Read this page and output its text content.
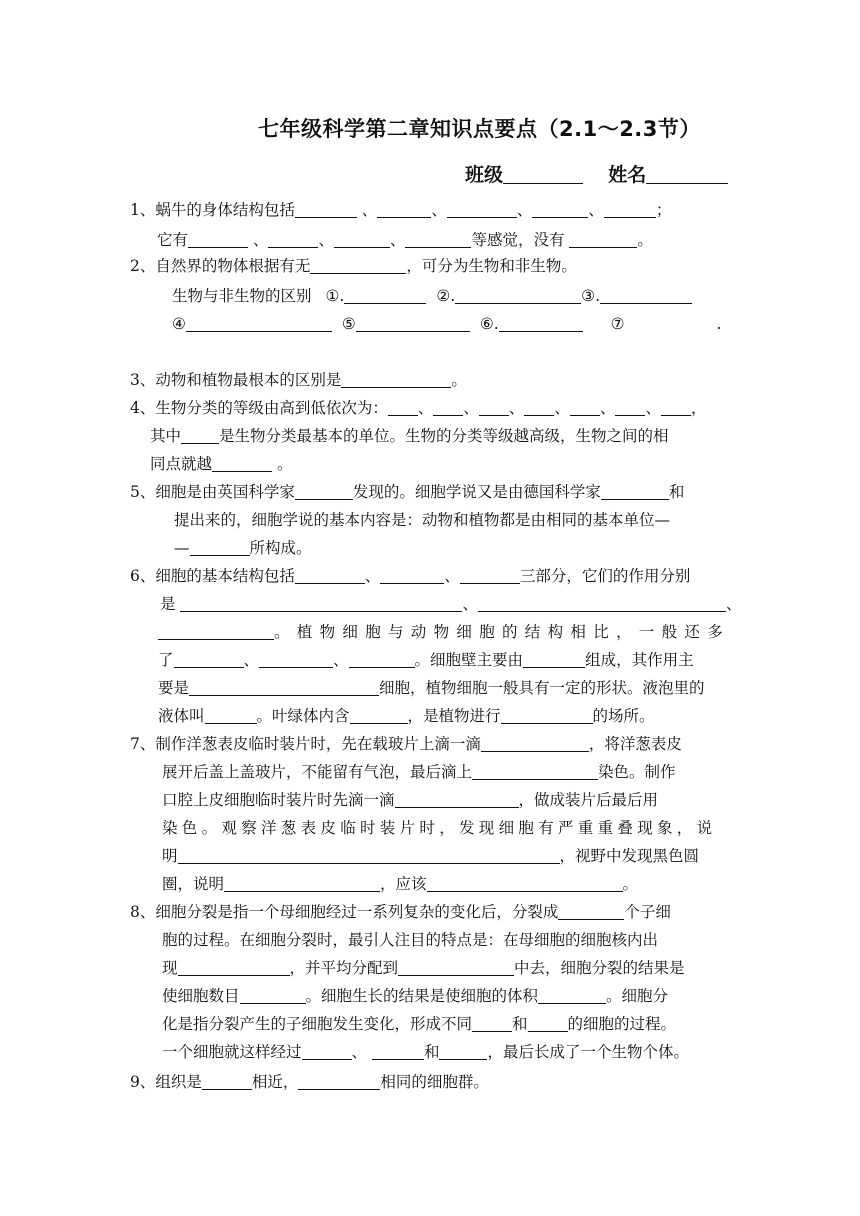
七年级科学第二章知识点要点（2.1～2.3节）
班级	姓名
1、蜗牛的身体结构包括	、	、	、	、	；
它有	、	、	、	等感觉，没有	。
2、自然界的物体根据有无	，可分为生物和非生物。
生物与非生物的区别 ①.	②.	③.
④	⑤	⑥.	⑦	.
3、动物和植物最根本的区别是	。
4、生物分类的等级由高到低依次为： 、 、 、 、 、 、 ，
其中 是生物分类最基本的单位。生物的分类等级越高级，生物之间的相
同点就越	。
5、细胞是由英国科学家	发现的。细胞学说又是由德国科学家	和
提出来的，细胞学说的基本内容是：动物和植物都是由相同的基本单位—
—	所构成。
6、细胞的基本结构包括	、	、	三部分，它们的作用分别
是	、	、
。植物细胞与动物细胞的结构相比，一般还多
了	、	、	。细胞壁主要由	组成，其作用主
要是	细胞，植物细胞一般具有一定的形状。液泡里的
液体叫	。叶绿体内含	，是植物进行	的场所。
7、制作洋葱表皮临时装片时，先在载玻片上滴一滴	，将洋葱表皮
展开后盖上盖玻片，不能留有气泡，最后滴上	染色。制作
口腔上皮细胞临时装片时先滴一滴	，做成装片后最后用
染色。观察洋葱表皮临时装片时，发现细胞有严重重叠现象，说
明	，视野中发现黑色圆
圈，说明	，应该	。
8、细胞分裂是指一个母细胞经过一系列复杂的变化后，分裂成	个子细
胞的过程。在细胞分裂时，最引人注目的特点是：在母细胞的细胞核内出
现	，并平均分配到	中去，细胞分裂的结果是
使细胞数目	。细胞生长的结果是使细胞的体积	。细胞分
化是指分裂产生的子细胞发生变化，形成不同	和	的细胞的过程。
一个细胞就这样经过	、	和	，最后长成了一个生物个体。
9、组织是	相近，	相同的细胞群。
